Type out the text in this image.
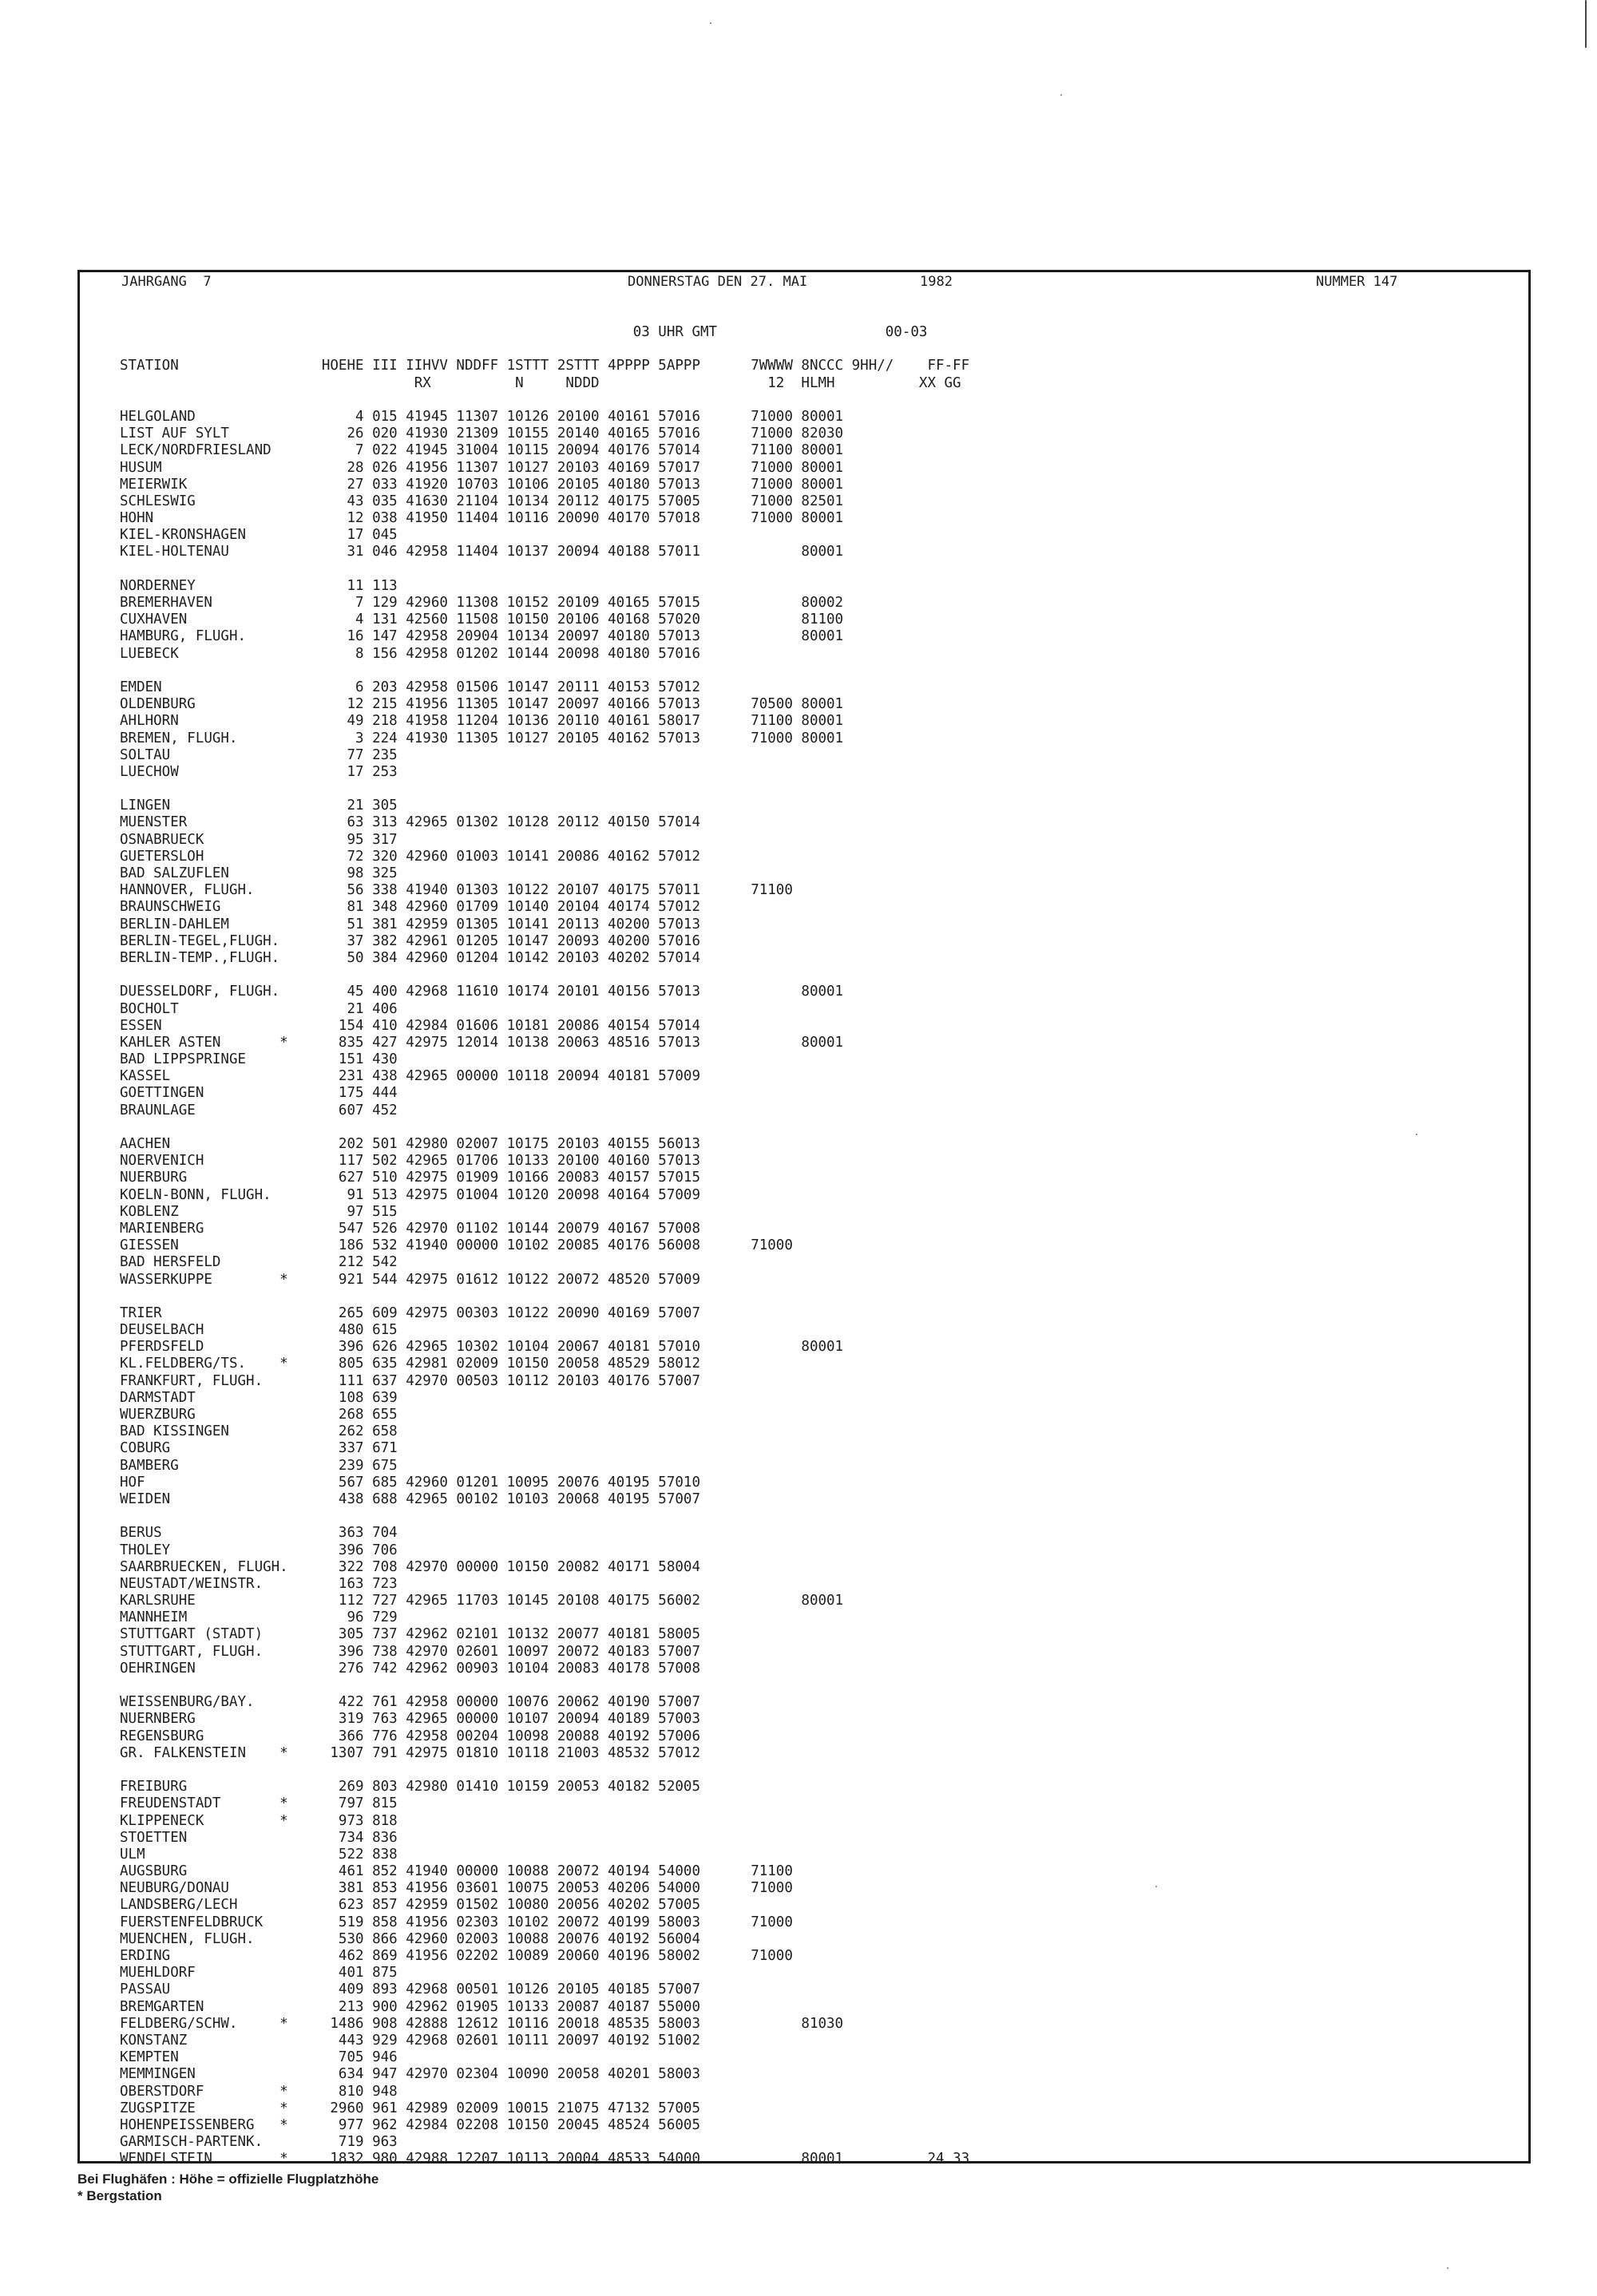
JAHRGANG  7	DONNERSTAG DEN 27. MAI	1982	NUMMER 147
03 UHR GMT                    00-03
STATION                 HOEHE III IIHVV NDDFF 1STTT 2STTT 4PPPP 5APPP      7WWWW 8NCCC 9HH//    FF-FF
RX          N     NDDD                    12  HLMH          XX GG
HELGOLAND                   4 015 41945 11307 10126 20100 40161 57016      71000 80001
LIST AUF SYLT              26 020 41930 21309 10155 20140 40165 57016      71000 82030
LECK/NORDFRIESLAND          7 022 41945 31004 10115 20094 40176 57014      71100 80001
HUSUM                      28 026 41956 11307 10127 20103 40169 57017      71000 80001
MEIERWIK                   27 033 41920 10703 10106 20105 40180 57013      71000 80001
SCHLESWIG                  43 035 41630 21104 10134 20112 40175 57005      71000 82501
HOHN                       12 038 41950 11404 10116 20090 40170 57018      71000 80001
KIEL-KRONSHAGEN            17 045
KIEL-HOLTENAU              31 046 42958 11404 10137 20094 40188 57011            80001
NORDERNEY                  11 113
BREMERHAVEN                 7 129 42960 11308 10152 20109 40165 57015            80002
CUXHAVEN                    4 131 42560 11508 10150 20106 40168 57020            81100
HAMBURG, FLUGH.            16 147 42958 20904 10134 20097 40180 57013            80001
LUEBECK                     8 156 42958 01202 10144 20098 40180 57016
EMDEN                       6 203 42958 01506 10147 20111 40153 57012
OLDENBURG                  12 215 41956 11305 10147 20097 40166 57013      70500 80001
AHLHORN                    49 218 41958 11204 10136 20110 40161 58017      71100 80001
BREMEN, FLUGH.              3 224 41930 11305 10127 20105 40162 57013      71000 80001
SOLTAU                     77 235
LUECHOW                    17 253
LINGEN                     21 305
MUENSTER                   63 313 42965 01302 10128 20112 40150 57014
OSNABRUECK                 95 317
GUETERSLOH                 72 320 42960 01003 10141 20086 40162 57012
BAD SALZUFLEN              98 325
HANNOVER, FLUGH.           56 338 41940 01303 10122 20107 40175 57011      71100
BRAUNSCHWEIG               81 348 42960 01709 10140 20104 40174 57012
BERLIN-DAHLEM              51 381 42959 01305 10141 20113 40200 57013
BERLIN-TEGEL,FLUGH.        37 382 42961 01205 10147 20093 40200 57016
BERLIN-TEMP.,FLUGH.        50 384 42960 01204 10142 20103 40202 57014
DUESSELDORF, FLUGH.        45 400 42968 11610 10174 20101 40156 57013            80001
BOCHOLT                    21 406
ESSEN                     154 410 42984 01606 10181 20086 40154 57014
KAHLER ASTEN       *      835 427 42975 12014 10138 20063 48516 57013            80001
BAD LIPPSPRINGE           151 430
KASSEL                    231 438 42965 00000 10118 20094 40181 57009
GOETTINGEN                175 444
BRAUNLAGE                 607 452
AACHEN                    202 501 42980 02007 10175 20103 40155 56013
NOERVENICH                117 502 42965 01706 10133 20100 40160 57013
NUERBURG                  627 510 42975 01909 10166 20083 40157 57015
KOELN-BONN, FLUGH.         91 513 42975 01004 10120 20098 40164 57009
KOBLENZ                    97 515
MARIENBERG                547 526 42970 01102 10144 20079 40167 57008
GIESSEN                   186 532 41940 00000 10102 20085 40176 56008      71000
BAD HERSFELD              212 542
WASSERKUPPE        *      921 544 42975 01612 10122 20072 48520 57009
TRIER                     265 609 42975 00303 10122 20090 40169 57007
DEUSELBACH                480 615
PFERDSFELD                396 626 42965 10302 10104 20067 40181 57010            80001
KL.FELDBERG/TS.    *      805 635 42981 02009 10150 20058 48529 58012
FRANKFURT, FLUGH.         111 637 42970 00503 10112 20103 40176 57007
DARMSTADT                 108 639
WUERZBURG                 268 655
BAD KISSINGEN             262 658
COBURG                    337 671
BAMBERG                   239 675
HOF                       567 685 42960 01201 10095 20076 40195 57010
WEIDEN                    438 688 42965 00102 10103 20068 40195 57007
BERUS                     363 704
THOLEY                    396 706
SAARBRUECKEN, FLUGH.      322 708 42970 00000 10150 20082 40171 58004
NEUSTADT/WEINSTR.         163 723
KARLSRUHE                 112 727 42965 11703 10145 20108 40175 56002            80001
MANNHEIM                   96 729
STUTTGART (STADT)         305 737 42962 02101 10132 20077 40181 58005
STUTTGART, FLUGH.         396 738 42970 02601 10097 20072 40183 57007
OEHRINGEN                 276 742 42962 00903 10104 20083 40178 57008
WEISSENBURG/BAY.          422 761 42958 00000 10076 20062 40190 57007
NUERNBERG                 319 763 42965 00000 10107 20094 40189 57003
REGENSBURG                366 776 42958 00204 10098 20088 40192 57006
GR. FALKENSTEIN    *     1307 791 42975 01810 10118 21003 48532 57012
FREIBURG                  269 803 42980 01410 10159 20053 40182 52005
FREUDENSTADT       *      797 815
KLIPPENECK         *      973 818
STOETTEN                  734 836
ULM                       522 838
AUGSBURG                  461 852 41940 00000 10088 20072 40194 54000      71100
NEUBURG/DONAU             381 853 41956 03601 10075 20053 40206 54000      71000
LANDSBERG/LECH            623 857 42959 01502 10080 20056 40202 57005
FUERSTENFELDBRUCK         519 858 41956 02303 10102 20072 40199 58003      71000
MUENCHEN, FLUGH.          530 866 42960 02003 10088 20076 40192 56004
ERDING                    462 869 41956 02202 10089 20060 40196 58002      71000
MUEHLDORF                 401 875
PASSAU                    409 893 42968 00501 10126 20105 40185 57007
BREMGARTEN                213 900 42962 01905 10133 20087 40187 55000
FELDBERG/SCHW.     *     1486 908 42888 12612 10116 20018 48535 58003            81030
KONSTANZ                  443 929 42968 02601 10111 20097 40192 51002
KEMPTEN                   705 946
MEMMINGEN                 634 947 42970 02304 10090 20058 40201 58003
OBERSTDORF         *      810 948
ZUGSPITZE          *     2960 961 42989 02009 10015 21075 47132 57005
HOHENPEISSENBERG   *      977 962 42984 02208 10150 20045 48524 56005
GARMISCH-PARTENK.         719 963
WENDELSTEIN        *     1832 980 42988 12207 10113 20004 48533 54000            80001          24 33
Bei Flughäfen : Höhe = offizielle Flugplatzhöhe
* Bergstation
